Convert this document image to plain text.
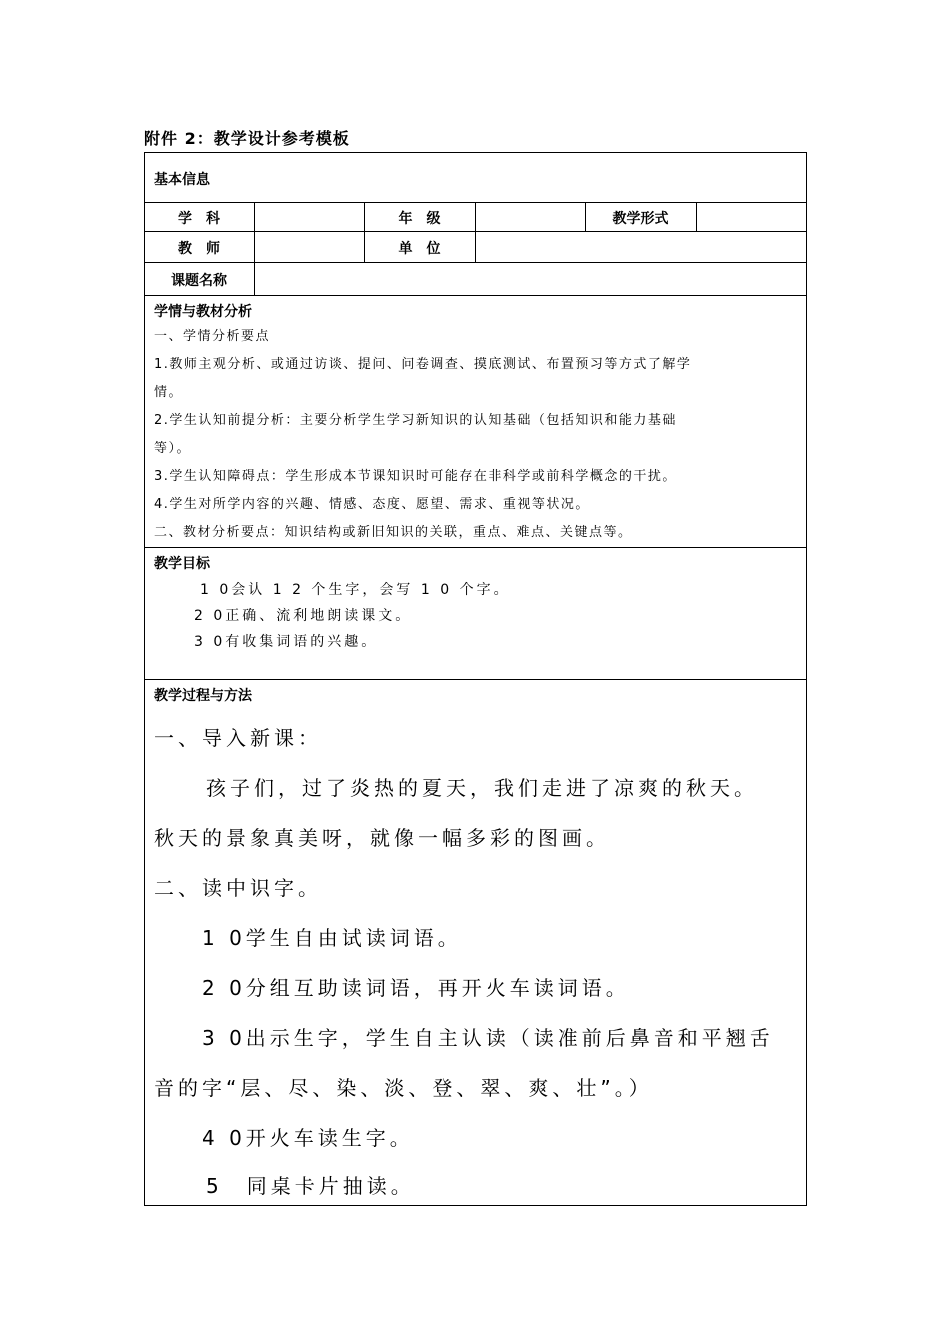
附件 2：教学设计参考模板
基本信息
学　科	年　级	教学形式
教　师	单　位
课题名称
学情与教材分析
一、学情分析要点
1.教师主观分析、或通过访谈、提问、问卷调查、摸底测试、布置预习等方式了解学
情。
2.学生认知前提分析：主要分析学生学习新知识的认知基础（包括知识和能力基础
等）。
3.学生认知障碍点：学生形成本节课知识时可能存在非科学或前科学概念的干扰。
4.学生对所学内容的兴趣、情感、态度、愿望、需求、重视等状况。
二、教材分析要点：知识结构或新旧知识的关联，重点、难点、关键点等。
教学目标
1 0会认 1 2 个生字，会写 1 0 个字。
2 0正确、流利地朗读课文。
3 0有收集词语的兴趣。
教学过程与方法
一、导入新课：
孩子们，过了炎热的夏天，我们走进了凉爽的秋天。
秋天的景象真美呀，就像一幅多彩的图画。
二、读中识字。
1 0学生自由试读词语。
2 0分组互助读词语，再开火车读词语。
3 0出示生字，学生自主认读（读准前后鼻音和平翘舌
音的字“层、尽、染、淡、登、翠、爽、壮”。）
4 0开火车读生字。
5　同桌卡片抽读。
